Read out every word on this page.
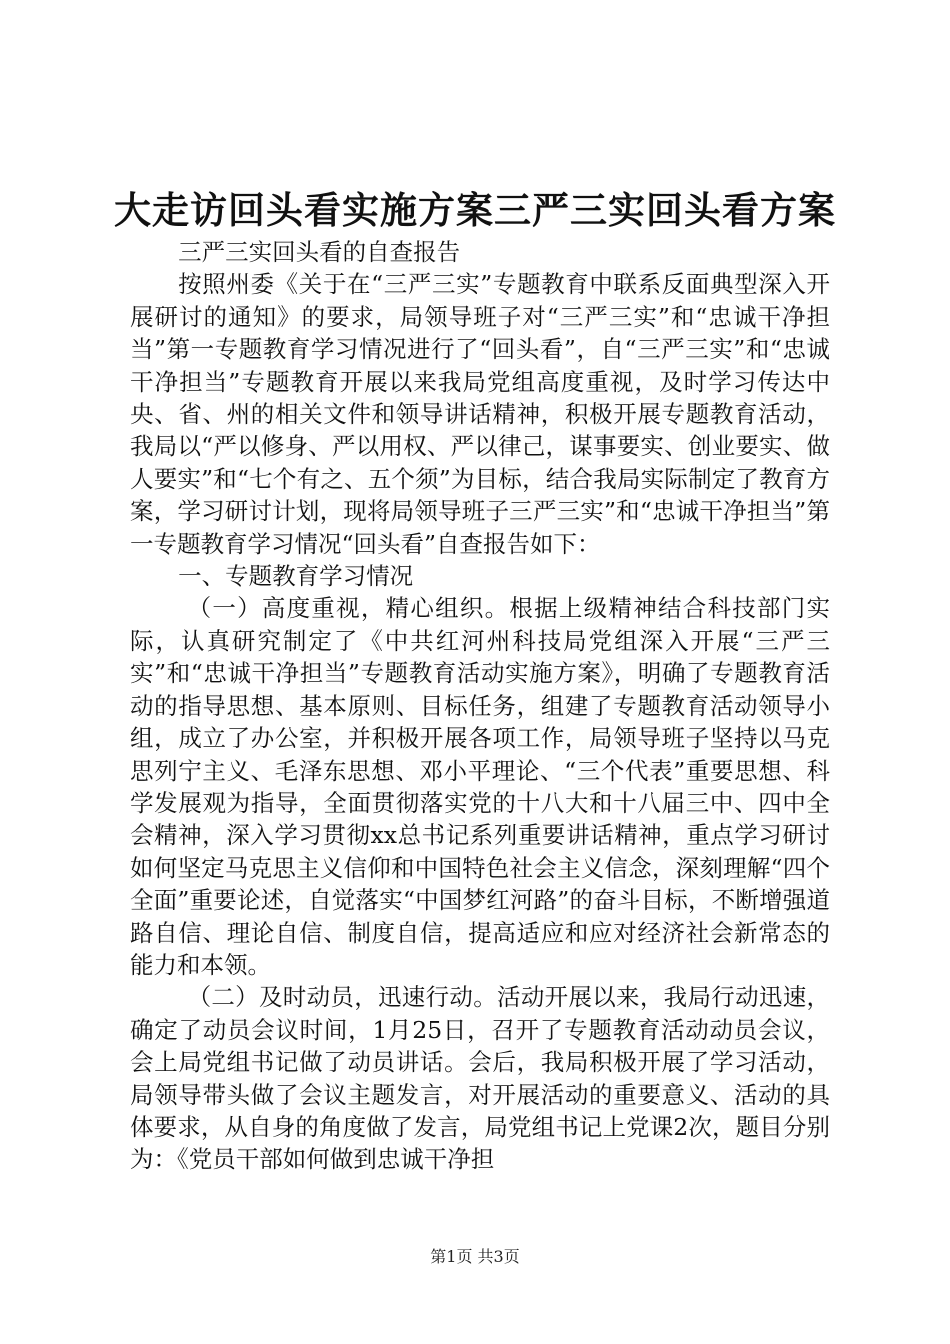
大走访回头看实施方案三严三实回头看方案

三严三实回头看的自查报告

按照州委《关于在“三严三实”专题教育中联系反面典型深入开展研讨的通知》的要求，局领导班子对“三严三实”和“忠诚干净担当”第一专题教育学习情况进行了“回头看”，自“三严三实”和“忠诚干净担当”专题教育开展以来我局党组高度重视，及时学习传达中央、省、州的相关文件和领导讲话精神，积极开展专题教育活动，我局以“严以修身、严以用权、严以律己，谋事要实、创业要实、做人要实”和“七个有之、五个须”为目标，结合我局实际制定了教育方案，学习研讨计划，现将局领导班子三严三实”和“忠诚干净担当”第一专题教育学习情况“回头看”自查报告如下：

一、专题教育学习情况

（一）高度重视，精心组织。根据上级精神结合科技部门实际，认真研究制定了《中共红河州科技局党组深入开展“三严三实”和“忠诚干净担当”专题教育活动实施方案》，明确了专题教育活动的指导思想、基本原则、目标任务，组建了专题教育活动领导小组，成立了办公室，并积极开展各项工作，局领导班子坚持以马克思列宁主义、毛泽东思想、邓小平理论、“三个代表”重要思想、科学发展观为指导，全面贯彻落实党的十八大和十八届三中、四中全会精神，深入学习贯彻xx总书记系列重要讲话精神，重点学习研讨如何坚定马克思主义信仰和中国特色社会主义信念，深刻理解“四个全面”重要论述，自觉落实“中国梦红河路”的奋斗目标，不断增强道路自信、理论自信、制度自信，提高适应和应对经济社会新常态的能力和本领。

（二）及时动员，迅速行动。活动开展以来，我局行动迅速，确定了动员会议时间，1月25日，召开了专题教育活动动员会议，会上局党组书记做了动员讲话。会后，我局积极开展了学习活动，局领导带头做了会议主题发言，对开展活动的重要意义、活动的具体要求，从自身的角度做了发言，局党组书记上党课2次，题目分别为：《党员干部如何做到忠诚干净担

第1页 共3页
